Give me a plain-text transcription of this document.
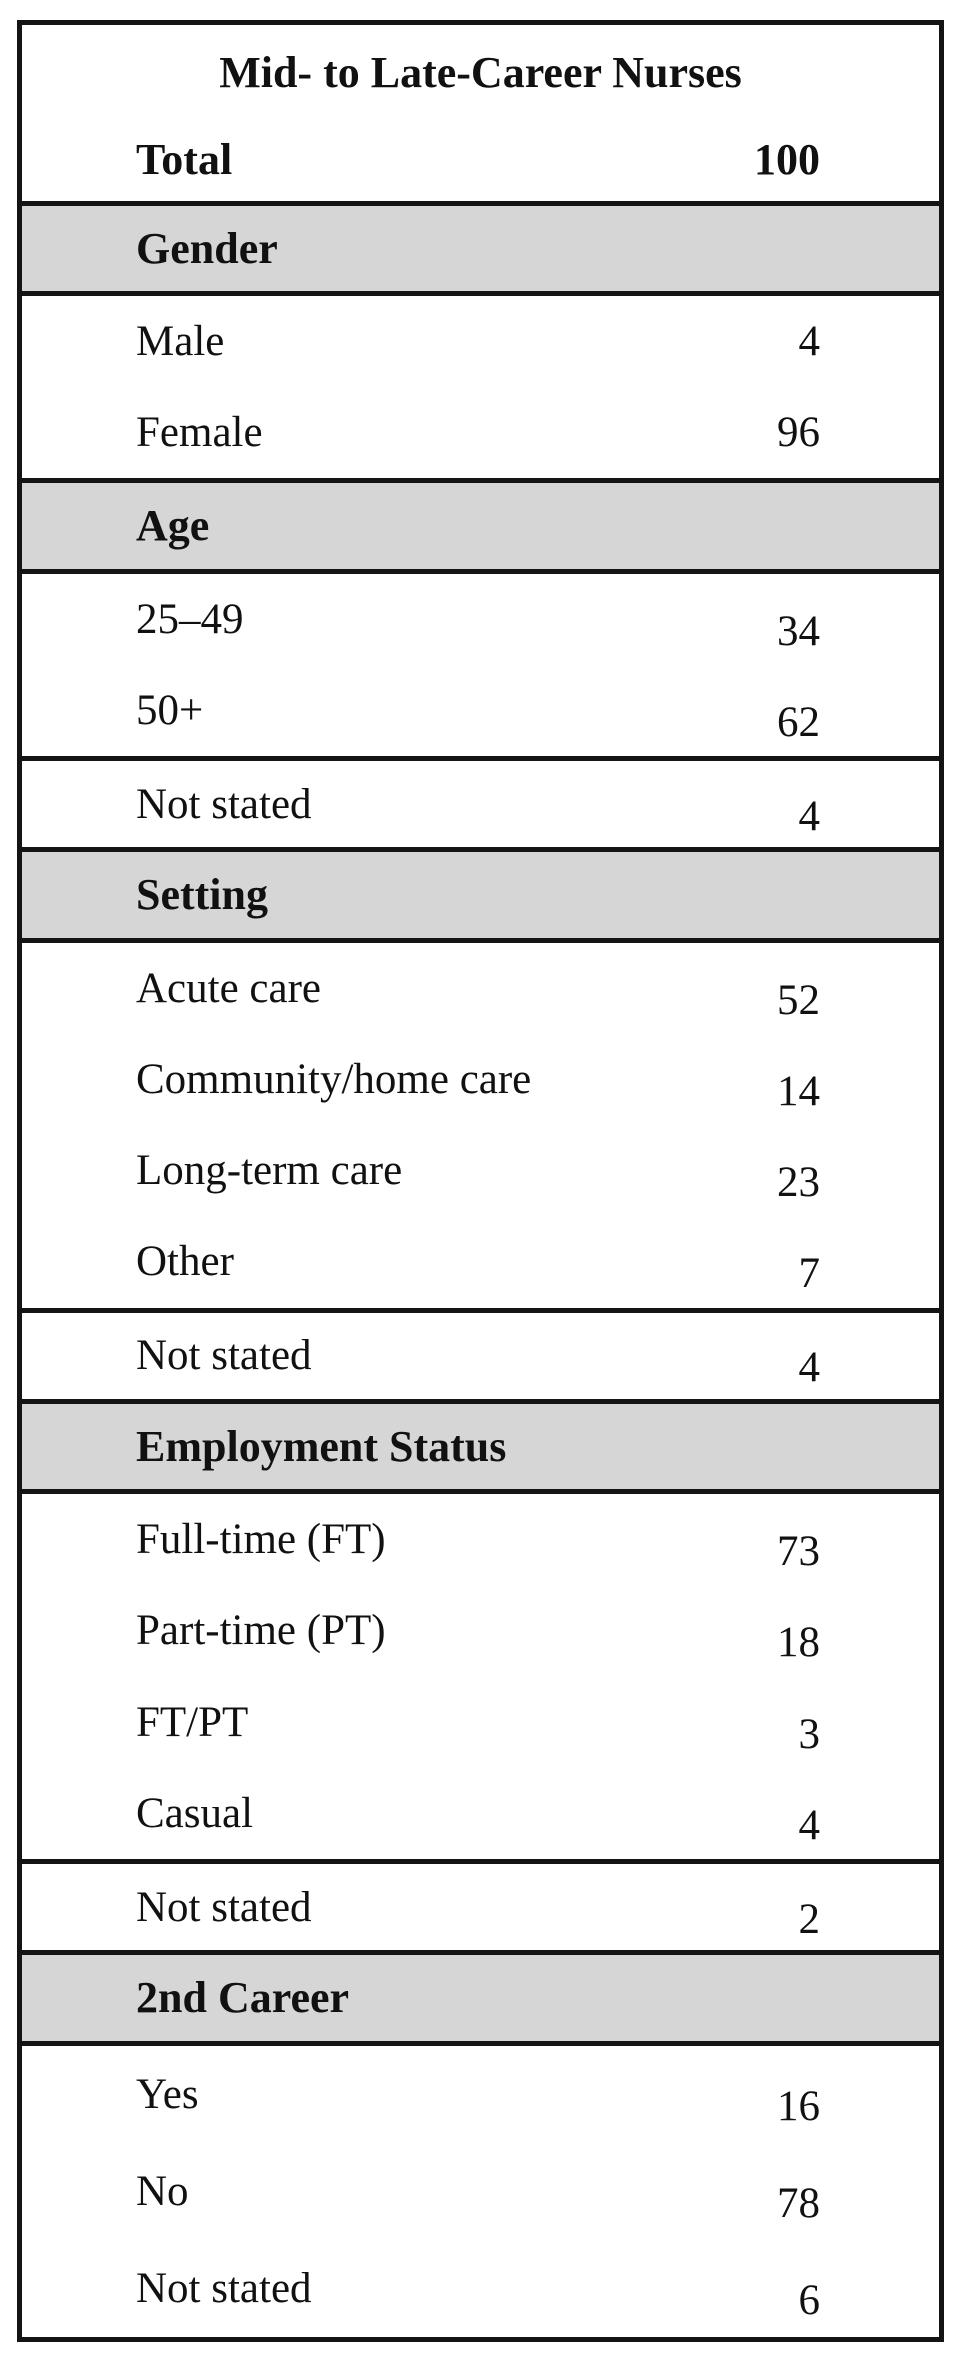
Mid- to Late-Career Nurses
Total	100
Gender
Male	4
Female	96
Age
25–49	34
50+	62
Not stated	4
Setting
Acute care	52
Community/home care	14
Long-term care	23
Other	7
Not stated	4
Employment Status
Full-time (FT)	73
Part-time (PT)	18
FT/PT	3
Casual	4
Not stated	2
2nd Career
Yes	16
No	78
Not stated	6
